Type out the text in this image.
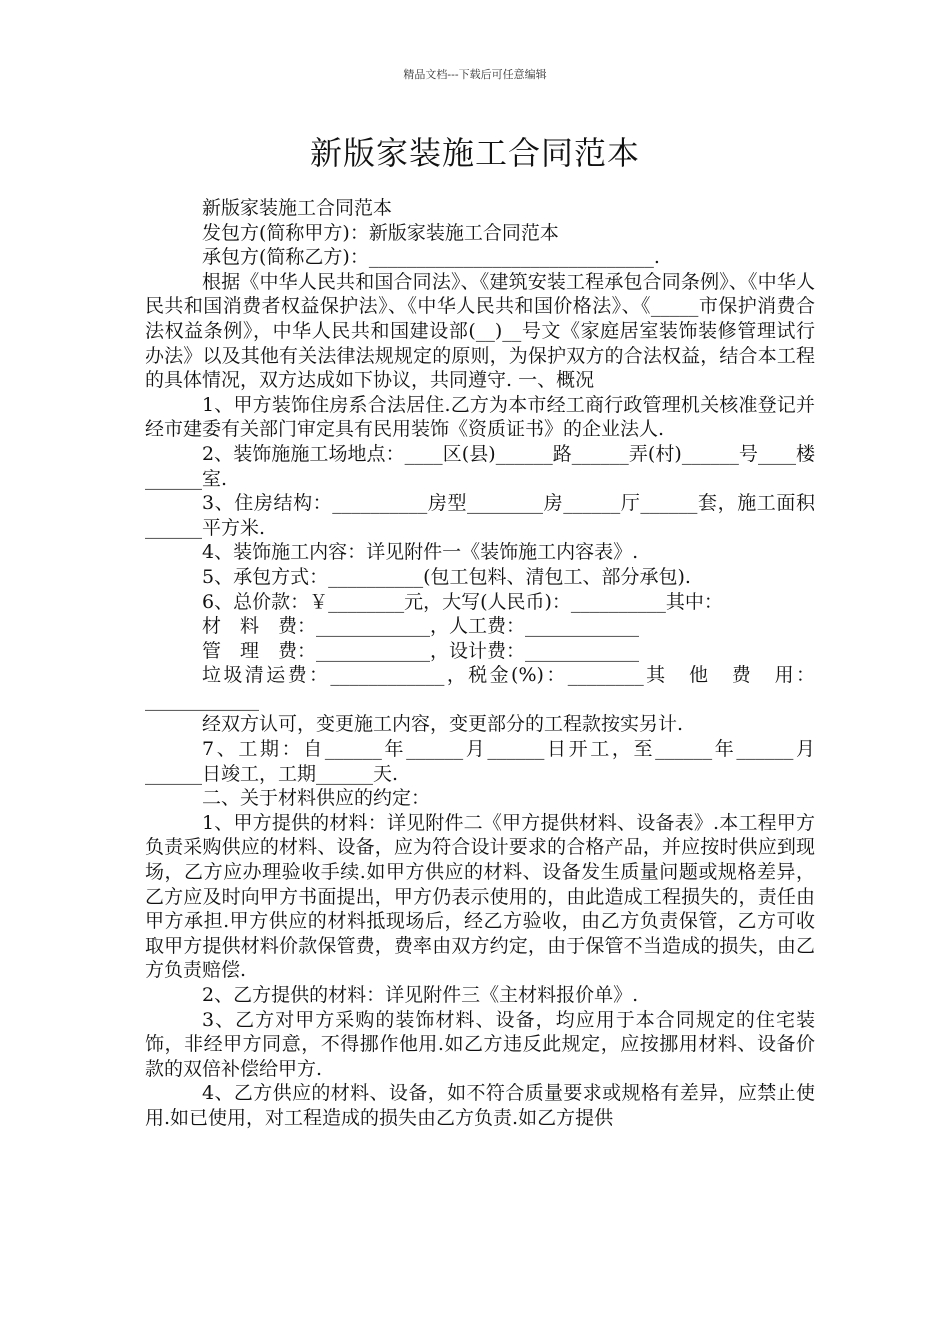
精品文档---下载后可任意编辑
新版家装施工合同范本

新版家装施工合同范本

发包方(简称甲方)：新版家装施工合同范本

承包方(简称乙方)：______________________________.

根据《中华人民共和国合同法》、《建筑安装工程承包合同条例》、《中华人民共和国消费者权益保护法》、《中华人民共和国价格法》、《_____市保护消费合法权益条例》，中华人民共和国建设部(__)__号文《家庭居室装饰装修管理试行办法》以及其他有关法律法规规定的原则，为保护双方的合法权益，结合本工程的具体情况，双方达成如下协议，共同遵守. 一、概况

1、甲方装饰住房系合法居住.乙方为本市经工商行政管理机关核准登记并经市建委有关部门审定具有民用装饰《资质证书》的企业法人.

2、装饰施施工场地点：____区(县)______路______弄(村)______号____楼______室.

3、住房结构：__________房型________房______厅______套，施工面积______平方米.

4、装饰施工内容：详见附件一《装饰施工内容表》.

5、承包方式：__________(包工包料、清包工、部分承包).

6、总价款：￥________元，大写(人民币)：__________其中：

材　料　费：____________，人工费：____________

管　理　费：____________，设计费：____________

垃圾清运费：____________，税金(%)：________其　他　费　用：____________

经双方认可，变更施工内容，变更部分的工程款按实另计.

7、工期：自______年______月______日开工，至______年______月______日竣工，工期______天.

二、关于材料供应的约定：

1、甲方提供的材料：详见附件二《甲方提供材料、设备表》.本工程甲方负责采购供应的材料、设备，应为符合设计要求的合格产品，并应按时供应到现场，乙方应办理验收手续.如甲方供应的材料、设备发生质量问题或规格差异，乙方应及时向甲方书面提出，甲方仍表示使用的，由此造成工程损失的，责任由甲方承担.甲方供应的材料抵现场后，经乙方验收，由乙方负责保管，乙方可收取甲方提供材料价款保管费，费率由双方约定，由于保管不当造成的损失，由乙方负责赔偿.

2、乙方提供的材料：详见附件三《主材料报价单》.

3、乙方对甲方采购的装饰材料、设备，均应用于本合同规定的住宅装饰，非经甲方同意，不得挪作他用.如乙方违反此规定，应按挪用材料、设备价款的双倍补偿给甲方.

4、乙方供应的材料、设备，如不符合质量要求或规格有差异，应禁止使用.如已使用，对工程造成的损失由乙方负责.如乙方提供
